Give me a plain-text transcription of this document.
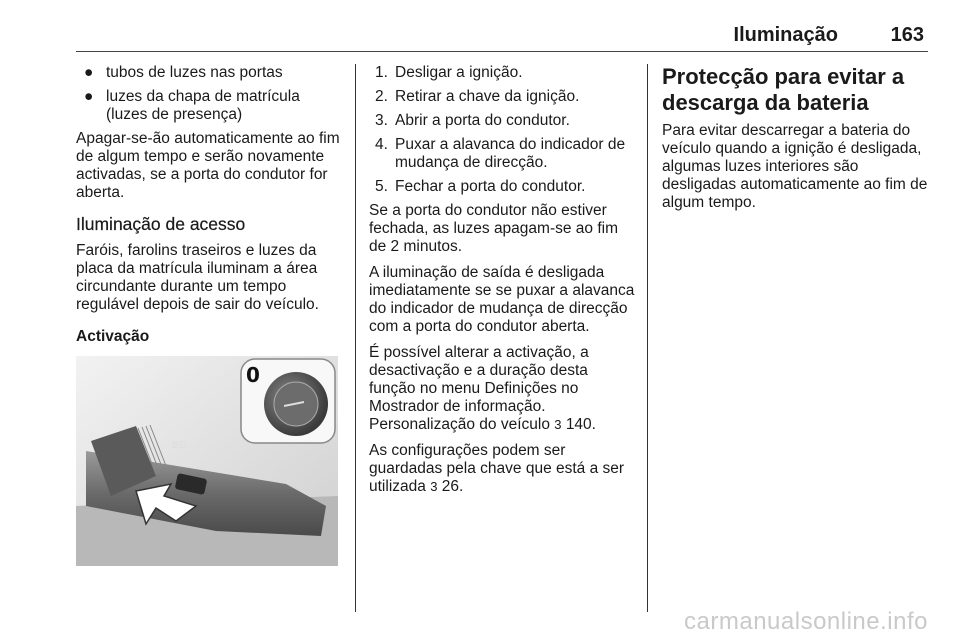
Iluminação	163
● tubos de luzes nas portas
● luzes da chapa de matrícula (luzes de presença)

Apagar-se-ão automaticamente ao fim de algum tempo e serão novamente activadas, se a porta do condutor for aberta.

Iluminação de acesso

Faróis, farolins traseiros e luzes da placa da matrícula iluminam a área circundante durante um tempo regulável depois de sair do veículo.

Activação
≣D
0
1. Desligar a ignição.
2. Retirar a chave da ignição.
3. Abrir a porta do condutor.
4. Puxar a alavanca do indicador de mudança de direcção.
5. Fechar a porta do condutor.

Se a porta do condutor não estiver fechada, as luzes apagam-se ao fim de 2 minutos.

A iluminação de saída é desligada imediatamente se se puxar a alavanca do indicador de mudança de direcção com a porta do condutor aberta.

É possível alterar a activação, a desactivação e a duração desta função no menu Definições no Mostrador de informação. Personalização do veículo 3 140.

As configurações podem ser guardadas pela chave que está a ser utilizada 3 26.

Protecção para evitar a descarga da bateria

Para evitar descarregar a bateria do veículo quando a ignição é desligada, algumas luzes interiores são desligadas automaticamente ao fim de algum tempo.

carmanualsonline.info
